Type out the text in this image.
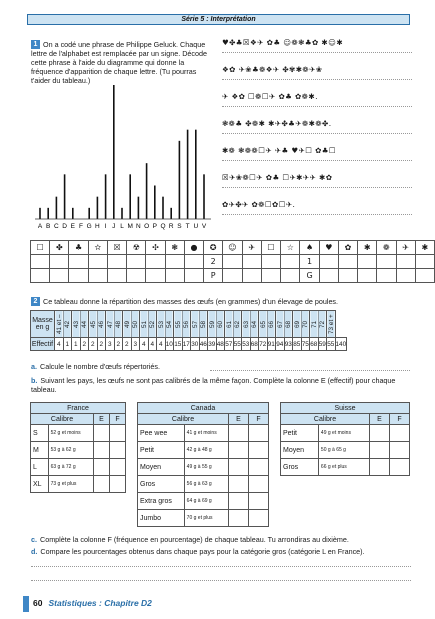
Série 5 : Interprétation
1 On a codé une phrase de Philippe Geluck. Chaque lettre de l'alphabet est remplacée par un signe. Décode cette phrase à l'aide du diagramme qui donne la fréquence d'apparition de chaque lettre. (Tu pourras t'aider du tableau.)
A B C D E F G H I J L M N O P Q R S T U V
♥✤♣☒❖✈ ✿♣ ☺❁❃♣✿ ✱☺✱
❖✿ ✈❀♣❁❖✈ ✤✾✱❁✈❀
✈ ❖✿ ☐❁☐✈ ✿♣ ✿❁✱.
❃❁♣ ✤❁✱ ✱✈✤♣✈❁✱❁✤.
✱❁ ❃❁❁☐✈ ✈♣ ♥✈☐ ✿♣☐
☒✈❀❁☐✈ ✿♣ ☐✈✱✈✈ ✱✿
✿✈✤✈ ✿❁☐✿☐✈.
☐	✤	♣	✫	☒	☢	✣	❃	●	✪	☺	✈	☐	☆	♠	♥	✿	✱	❁	✈	✱
									2					1						
									P					G						
2 Ce tableau donne la répartition des masses des œufs (en grammes) d'un élevage de poules.
Masse en g	41 et –	42	43	44	45	46	47	48	49	50	51	52	53	54	55	56	57	58	59	60	61	62	63	64	65	66	67	68	69	70	71	72	73 et +	
Effectif	4	1	1	2	2	2	3	2	2	3	4	4	4	10	15	17	30	46	39	48	57	55	53	68	72	91	94	93	85	75	68	59	55	140
a. Calcule le nombre d'œufs répertoriés.
b. Suivant les pays, les œufs ne sont pas calibrés de la même façon. Complète la colonne E (effectif) pour chaque tableau.
France			
Calibre		E	F
S	52 g et moins		
M	53 g à 62 g		
L	63 g à 72 g		
XL	73 g et plus		
Canada			
Calibre		E	F
Pee wee	41 g et moins		
Petit	42 g à 48 g		
Moyen	49 g à 55 g		
Gros	56 g à 63 g		
Extra gros	64 g à 69 g		
Jumbo	70 g et plus		
Suisse			
Calibre		E	F
Petit	49 g et moins		
Moyen	50 g à 65 g		
Gros	66 g et plus		
c. Complète la colonne F (fréquence en pourcentage) de chaque tableau. Tu arrondiras au dixième.
d. Compare les pourcentages obtenus dans chaque pays pour la catégorie gros (catégorie L en France).
60 Statistiques : Chapitre D2
